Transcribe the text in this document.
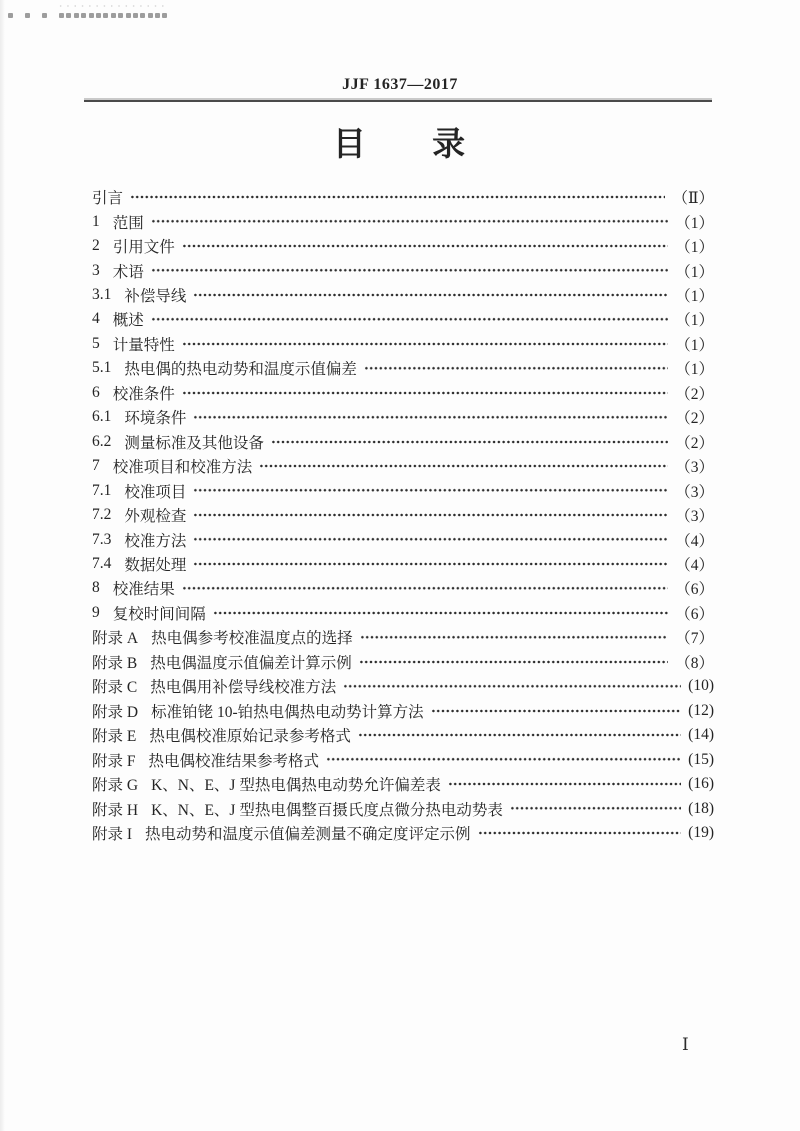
JJF 1637—2017
目 录
引言	（Ⅱ）
1 范围	（1）
2 引用文件	（1）
3 术语	（1）
3.1 补偿导线	（1）
4 概述	（1）
5 计量特性	（1）
5.1 热电偶的热电动势和温度示值偏差	（1）
6 校准条件	（2）
6.1 环境条件	（2）
6.2 测量标准及其他设备	（2）
7 校准项目和校准方法	（3）
7.1 校准项目	（3）
7.2 外观检查	（3）
7.3 校准方法	（4）
7.4 数据处理	（4）
8 校准结果	（6）
9 复校时间间隔	（6）
附录 A 热电偶参考校准温度点的选择	（7）
附录 B 热电偶温度示值偏差计算示例	（8）
附录 C 热电偶用补偿导线校准方法	(10)
附录 D 标准铂铑 10-铂热电偶热电动势计算方法	(12)
附录 E 热电偶校准原始记录参考格式	(14)
附录 F 热电偶校准结果参考格式	(15)
附录 G K、N、E、J 型热电偶热电动势允许偏差表	(16)
附录 H K、N、E、J 型热电偶整百摄氏度点微分热电动势表	(18)
附录 I 热电动势和温度示值偏差测量不确定度评定示例	(19)
Ⅰ
